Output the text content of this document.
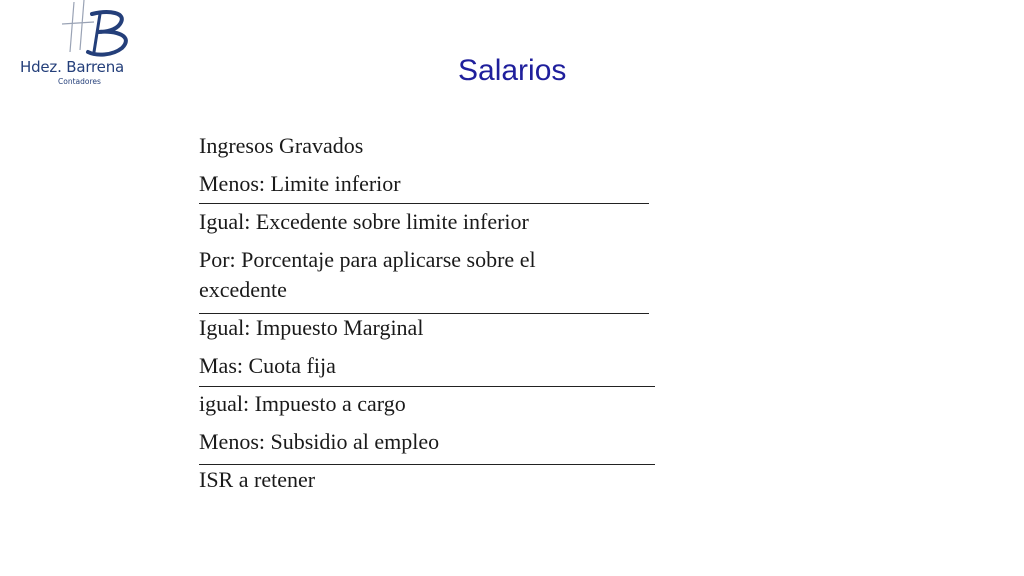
Hdez. Barrena
Contadores	Salarios
Ingresos Gravados
Menos: Limite inferior
Igual: Excedente sobre limite inferior
Por: Porcentaje para aplicarse sobre el
excedente
Igual: Impuesto Marginal
Mas: Cuota fija
igual: Impuesto a cargo
Menos: Subsidio al empleo
ISR a retener
